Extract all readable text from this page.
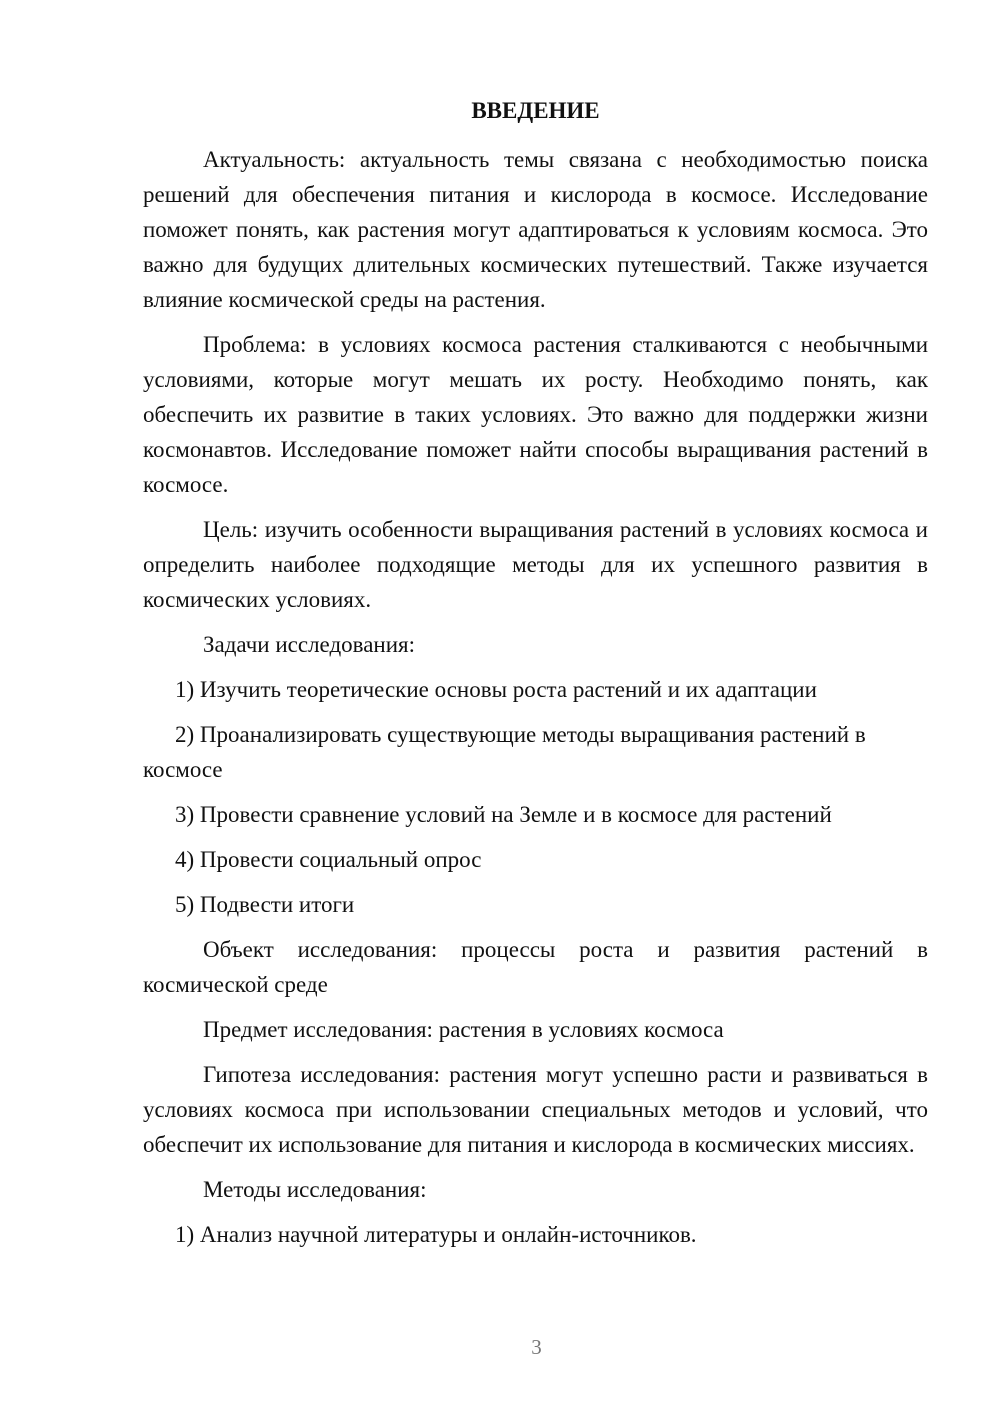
ВВЕДЕНИЕ

Актуальность: актуальность темы связана с необходимостью поиска решений для обеспечения питания и кислорода в космосе. Исследование поможет понять, как растения могут адаптироваться к условиям космоса. Это важно для будущих длительных космических путешествий. Также изучается влияние космической среды на растения.

Проблема: в условиях космоса растения сталкиваются с необычными условиями, которые могут мешать их росту. Необходимо понять, как обеспечить их развитие в таких условиях. Это важно для поддержки жизни космонавтов. Исследование поможет найти способы выращивания растений в космосе.

Цель: изучить особенности выращивания растений в условиях космоса и определить наиболее подходящие методы для их успешного развития в космических условиях.

Задачи исследования:

1) Изучить теоретические основы роста растений и их адаптации

2) Проанализировать существующие методы выращивания растений в космосе

3) Провести сравнение условий на Земле и в космосе для растений

4) Провести социальный опрос

5) Подвести итоги

Объект исследования: процессы роста и развития растений в космической среде

Предмет исследования: растения в условиях космоса

Гипотеза исследования: растения могут успешно расти и развиваться в условиях космоса при использовании специальных методов и условий, что обеспечит их использование для питания и кислорода в космических миссиях.

Методы исследования:

1) Анализ научной литературы и онлайн-источников.

3
